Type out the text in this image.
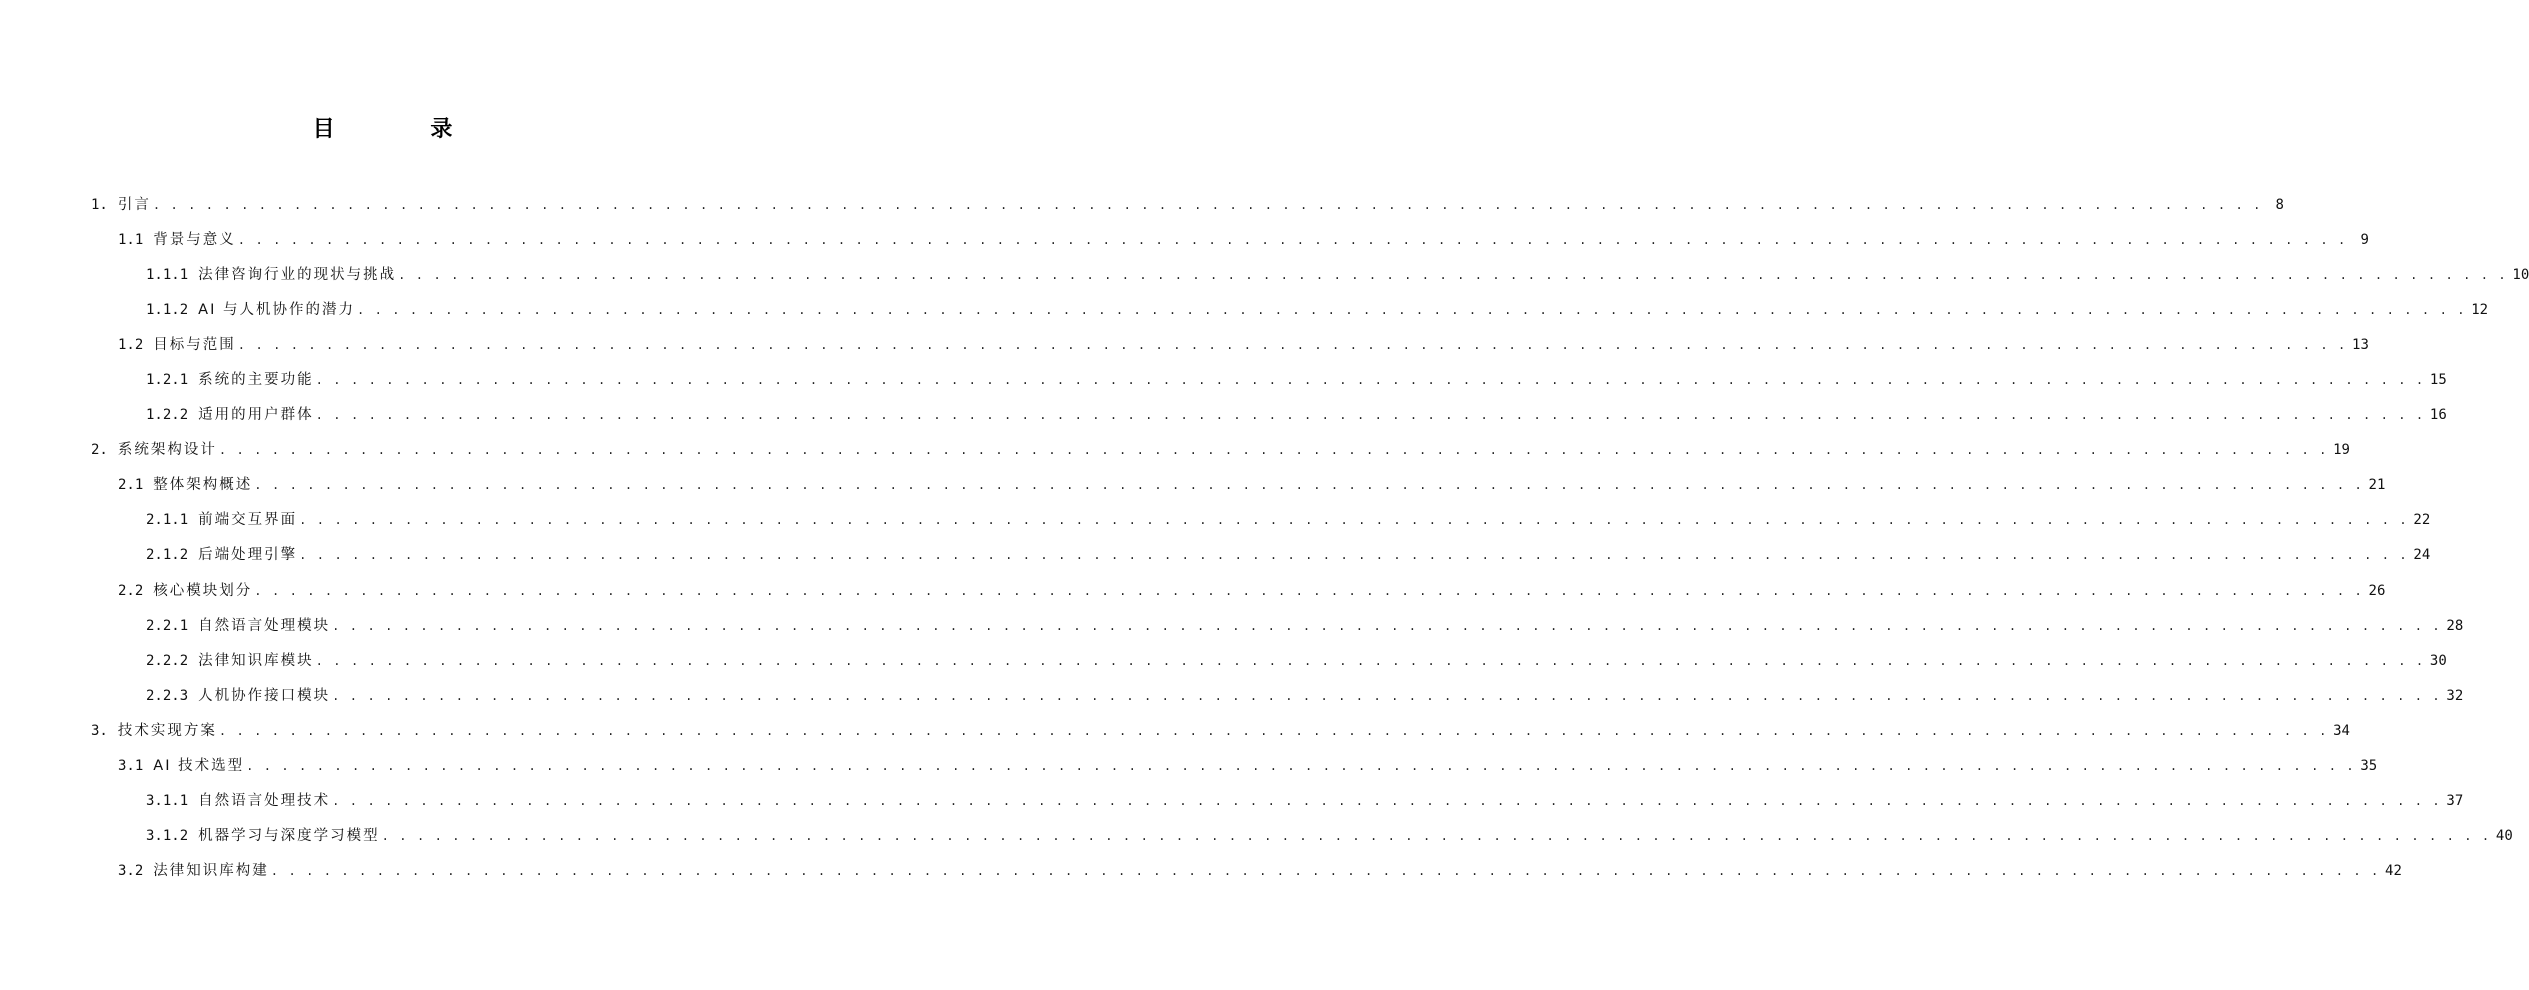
目 录
1. 引言 . . . . . . . . . . . . . . . . . . . . . . . . . . . . . . . . . . . . . . . . . . . . . . . . . . . . . . . . . . . . . . . . . . . . . . . . . . . . . . . . . . . . . . . . . . . . . . . . . . . . . . . . . . . . . . . . . . . . . . . . 8
1.1 背景与意义 . . . . . . . . . . . . . . . . . . . . . . . . . . . . . . . . . . . . . . . . . . . . . . . . . . . . . . . . . . . . . . . . . . . . . . . . . . . . . . . . . . . . . . . . . . . . . . . . . . . . . . . . . . . . . . . . . . . . . . . . 9
1.1.1 法律咨询行业的现状与挑战 . . . . . . . . . . . . . . . . . . . . . . . . . . . . . . . . . . . . . . . . . . . . . . . . . . . . . . . . . . . . . . . . . . . . . . . . . . . . . . . . . . . . . . . . . . . . . . . . . . . . . . . . . . . . . . . . . . . . . . . . 10
1.1.2 AI 与人机协作的潜力 . . . . . . . . . . . . . . . . . . . . . . . . . . . . . . . . . . . . . . . . . . . . . . . . . . . . . . . . . . . . . . . . . . . . . . . . . . . . . . . . . . . . . . . . . . . . . . . . . . . . . . . . . . . . . . . . . . . . . . . . 12
1.2 目标与范围 . . . . . . . . . . . . . . . . . . . . . . . . . . . . . . . . . . . . . . . . . . . . . . . . . . . . . . . . . . . . . . . . . . . . . . . . . . . . . . . . . . . . . . . . . . . . . . . . . . . . . . . . . . . . . . . . . . . . . . . . 13
1.2.1 系统的主要功能 . . . . . . . . . . . . . . . . . . . . . . . . . . . . . . . . . . . . . . . . . . . . . . . . . . . . . . . . . . . . . . . . . . . . . . . . . . . . . . . . . . . . . . . . . . . . . . . . . . . . . . . . . . . . . . . . . . . . . . . . 15
1.2.2 适用的用户群体 . . . . . . . . . . . . . . . . . . . . . . . . . . . . . . . . . . . . . . . . . . . . . . . . . . . . . . . . . . . . . . . . . . . . . . . . . . . . . . . . . . . . . . . . . . . . . . . . . . . . . . . . . . . . . . . . . . . . . . . . 16
2. 系统架构设计 . . . . . . . . . . . . . . . . . . . . . . . . . . . . . . . . . . . . . . . . . . . . . . . . . . . . . . . . . . . . . . . . . . . . . . . . . . . . . . . . . . . . . . . . . . . . . . . . . . . . . . . . . . . . . . . . . . . . . . . . 19
2.1 整体架构概述 . . . . . . . . . . . . . . . . . . . . . . . . . . . . . . . . . . . . . . . . . . . . . . . . . . . . . . . . . . . . . . . . . . . . . . . . . . . . . . . . . . . . . . . . . . . . . . . . . . . . . . . . . . . . . . . . . . . . . . . . 21
2.1.1 前端交互界面 . . . . . . . . . . . . . . . . . . . . . . . . . . . . . . . . . . . . . . . . . . . . . . . . . . . . . . . . . . . . . . . . . . . . . . . . . . . . . . . . . . . . . . . . . . . . . . . . . . . . . . . . . . . . . . . . . . . . . . . . 22
2.1.2 后端处理引擎 . . . . . . . . . . . . . . . . . . . . . . . . . . . . . . . . . . . . . . . . . . . . . . . . . . . . . . . . . . . . . . . . . . . . . . . . . . . . . . . . . . . . . . . . . . . . . . . . . . . . . . . . . . . . . . . . . . . . . . . . 24
2.2 核心模块划分 . . . . . . . . . . . . . . . . . . . . . . . . . . . . . . . . . . . . . . . . . . . . . . . . . . . . . . . . . . . . . . . . . . . . . . . . . . . . . . . . . . . . . . . . . . . . . . . . . . . . . . . . . . . . . . . . . . . . . . . . 26
2.2.1 自然语言处理模块 . . . . . . . . . . . . . . . . . . . . . . . . . . . . . . . . . . . . . . . . . . . . . . . . . . . . . . . . . . . . . . . . . . . . . . . . . . . . . . . . . . . . . . . . . . . . . . . . . . . . . . . . . . . . . . . . . . . . . . . . 28
2.2.2 法律知识库模块 . . . . . . . . . . . . . . . . . . . . . . . . . . . . . . . . . . . . . . . . . . . . . . . . . . . . . . . . . . . . . . . . . . . . . . . . . . . . . . . . . . . . . . . . . . . . . . . . . . . . . . . . . . . . . . . . . . . . . . . . 30
2.2.3 人机协作接口模块 . . . . . . . . . . . . . . . . . . . . . . . . . . . . . . . . . . . . . . . . . . . . . . . . . . . . . . . . . . . . . . . . . . . . . . . . . . . . . . . . . . . . . . . . . . . . . . . . . . . . . . . . . . . . . . . . . . . . . . . . 32
3. 技术实现方案 . . . . . . . . . . . . . . . . . . . . . . . . . . . . . . . . . . . . . . . . . . . . . . . . . . . . . . . . . . . . . . . . . . . . . . . . . . . . . . . . . . . . . . . . . . . . . . . . . . . . . . . . . . . . . . . . . . . . . . . . 34
3.1 AI 技术选型 . . . . . . . . . . . . . . . . . . . . . . . . . . . . . . . . . . . . . . . . . . . . . . . . . . . . . . . . . . . . . . . . . . . . . . . . . . . . . . . . . . . . . . . . . . . . . . . . . . . . . . . . . . . . . . . . . . . . . . . . 35
3.1.1 自然语言处理技术 . . . . . . . . . . . . . . . . . . . . . . . . . . . . . . . . . . . . . . . . . . . . . . . . . . . . . . . . . . . . . . . . . . . . . . . . . . . . . . . . . . . . . . . . . . . . . . . . . . . . . . . . . . . . . . . . . . . . . . . . 37
3.1.2 机器学习与深度学习模型 . . . . . . . . . . . . . . . . . . . . . . . . . . . . . . . . . . . . . . . . . . . . . . . . . . . . . . . . . . . . . . . . . . . . . . . . . . . . . . . . . . . . . . . . . . . . . . . . . . . . . . . . . . . . . . . . . . . . . . . . 40
3.2 法律知识库构建 . . . . . . . . . . . . . . . . . . . . . . . . . . . . . . . . . . . . . . . . . . . . . . . . . . . . . . . . . . . . . . . . . . . . . . . . . . . . . . . . . . . . . . . . . . . . . . . . . . . . . . . . . . . . . . . . . . . . . . . . 42
